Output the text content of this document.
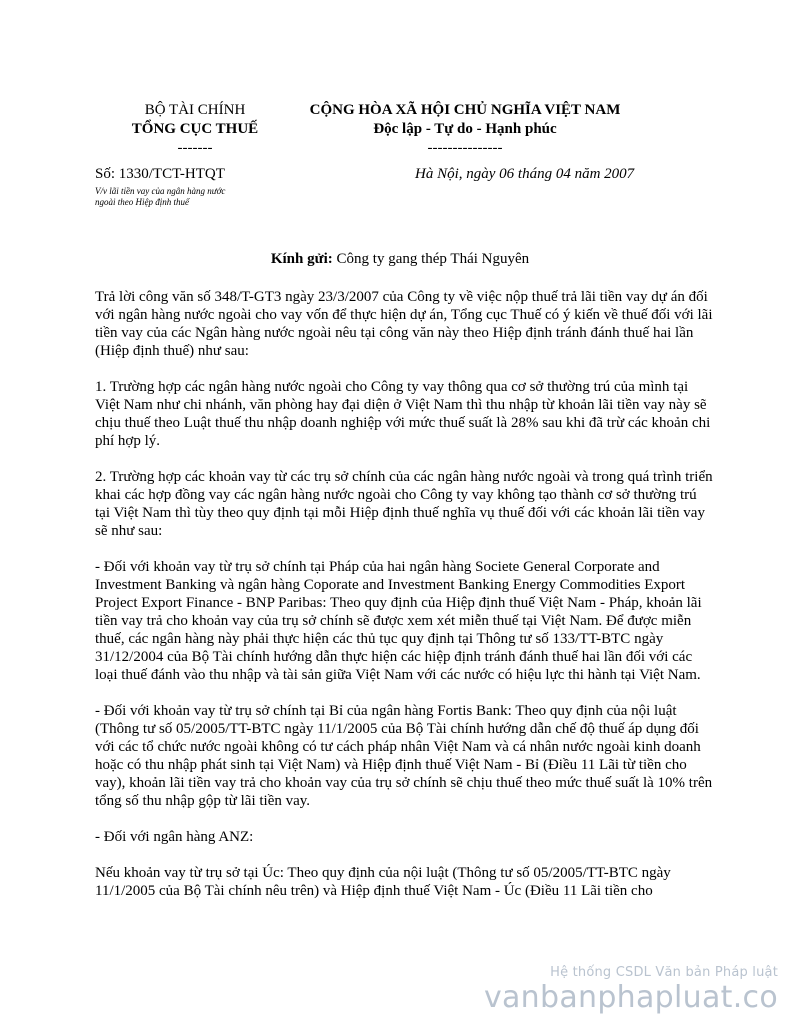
BỘ TÀI CHÍNH
TỔNG CỤC THUẾ
-------
CỘNG HÒA XÃ HỘI CHỦ NGHĨA VIỆT NAM
Độc lập - Tự do - Hạnh phúc
---------------
Số: 1330/TCT-HTQT
V/v lãi tiền vay của ngân hàng nước
ngoài theo Hiệp định thuế
Hà Nội, ngày 06 tháng 04 năm 2007
Kính gửi: Công ty gang thép Thái Nguyên

Trả lời công văn số 348/T-GT3 ngày 23/3/2007 của Công ty về việc nộp thuế trả lãi tiền vay dự án đối với ngân hàng nước ngoài cho vay vốn để thực hiện dự án, Tổng cục Thuế có ý kiến về thuế đối với lãi tiền vay của các Ngân hàng nước ngoài nêu tại công văn này theo Hiệp định tránh đánh thuế hai lần (Hiệp định thuế) như sau:

1. Trường hợp các ngân hàng nước ngoài cho Công ty vay thông qua cơ sở thường trú của mình tại Việt Nam như chi nhánh, văn phòng hay đại diện ở Việt Nam thì thu nhập từ khoản lãi tiền vay này sẽ chịu thuế theo Luật thuế thu nhập doanh nghiệp với mức thuế suất là 28% sau khi đã trừ các khoản chi phí hợp lý.

2. Trường hợp các khoản vay từ các trụ sở chính của các ngân hàng nước ngoài và trong quá trình triển khai các hợp đồng vay các ngân hàng nước ngoài cho Công ty vay không tạo thành cơ sở thường trú tại Việt Nam thì tùy theo quy định tại mỗi Hiệp định thuế nghĩa vụ thuế đối với các khoản lãi tiền vay sẽ như sau:

- Đối với khoản vay từ trụ sở chính tại Pháp của hai ngân hàng Societe General Corporate and Investment Banking và ngân hàng Coporate and Investment Banking Energy Commodities Export Project Export Finance - BNP Paribas: Theo quy định của Hiệp định thuế Việt Nam - Pháp, khoản lãi tiền vay trả cho khoản vay của trụ sở chính sẽ được xem xét miễn thuế tại Việt Nam. Để được miễn thuế, các ngân hàng này phải thực hiện các thủ tục quy định tại Thông tư số 133/TT-BTC ngày 31/12/2004 của Bộ Tài chính hướng dẫn thực hiện các hiệp định tránh đánh thuế hai lần đối với các loại thuế đánh vào thu nhập và tài sản giữa Việt Nam với các nước có hiệu lực thi hành tại Việt Nam.

- Đối với khoản vay từ trụ sở chính tại Bỉ của ngân hàng Fortis Bank: Theo quy định của nội luật (Thông tư số 05/2005/TT-BTC ngày 11/1/2005 của Bộ Tài chính hướng dẫn chế độ thuế áp dụng đối với các tổ chức nước ngoài không có tư cách pháp nhân Việt Nam và cá nhân nước ngoài kinh doanh hoặc có thu nhập phát sinh tại Việt Nam) và Hiệp định thuế Việt Nam - Bỉ (Điều 11 Lãi từ tiền cho vay), khoản lãi tiền vay trả cho khoản vay của trụ sở chính sẽ chịu thuế theo mức thuế suất là 10% trên tổng số thu nhập gộp từ lãi tiền vay.

- Đối với ngân hàng ANZ:

Nếu khoản vay từ trụ sở tại Úc: Theo quy định của nội luật (Thông tư số 05/2005/TT-BTC ngày 11/1/2005 của Bộ Tài chính nêu trên) và Hiệp định thuế Việt Nam - Úc (Điều 11 Lãi tiền cho

Hệ thống CSDL Văn bản Pháp luật
vanbanphapluat.co
